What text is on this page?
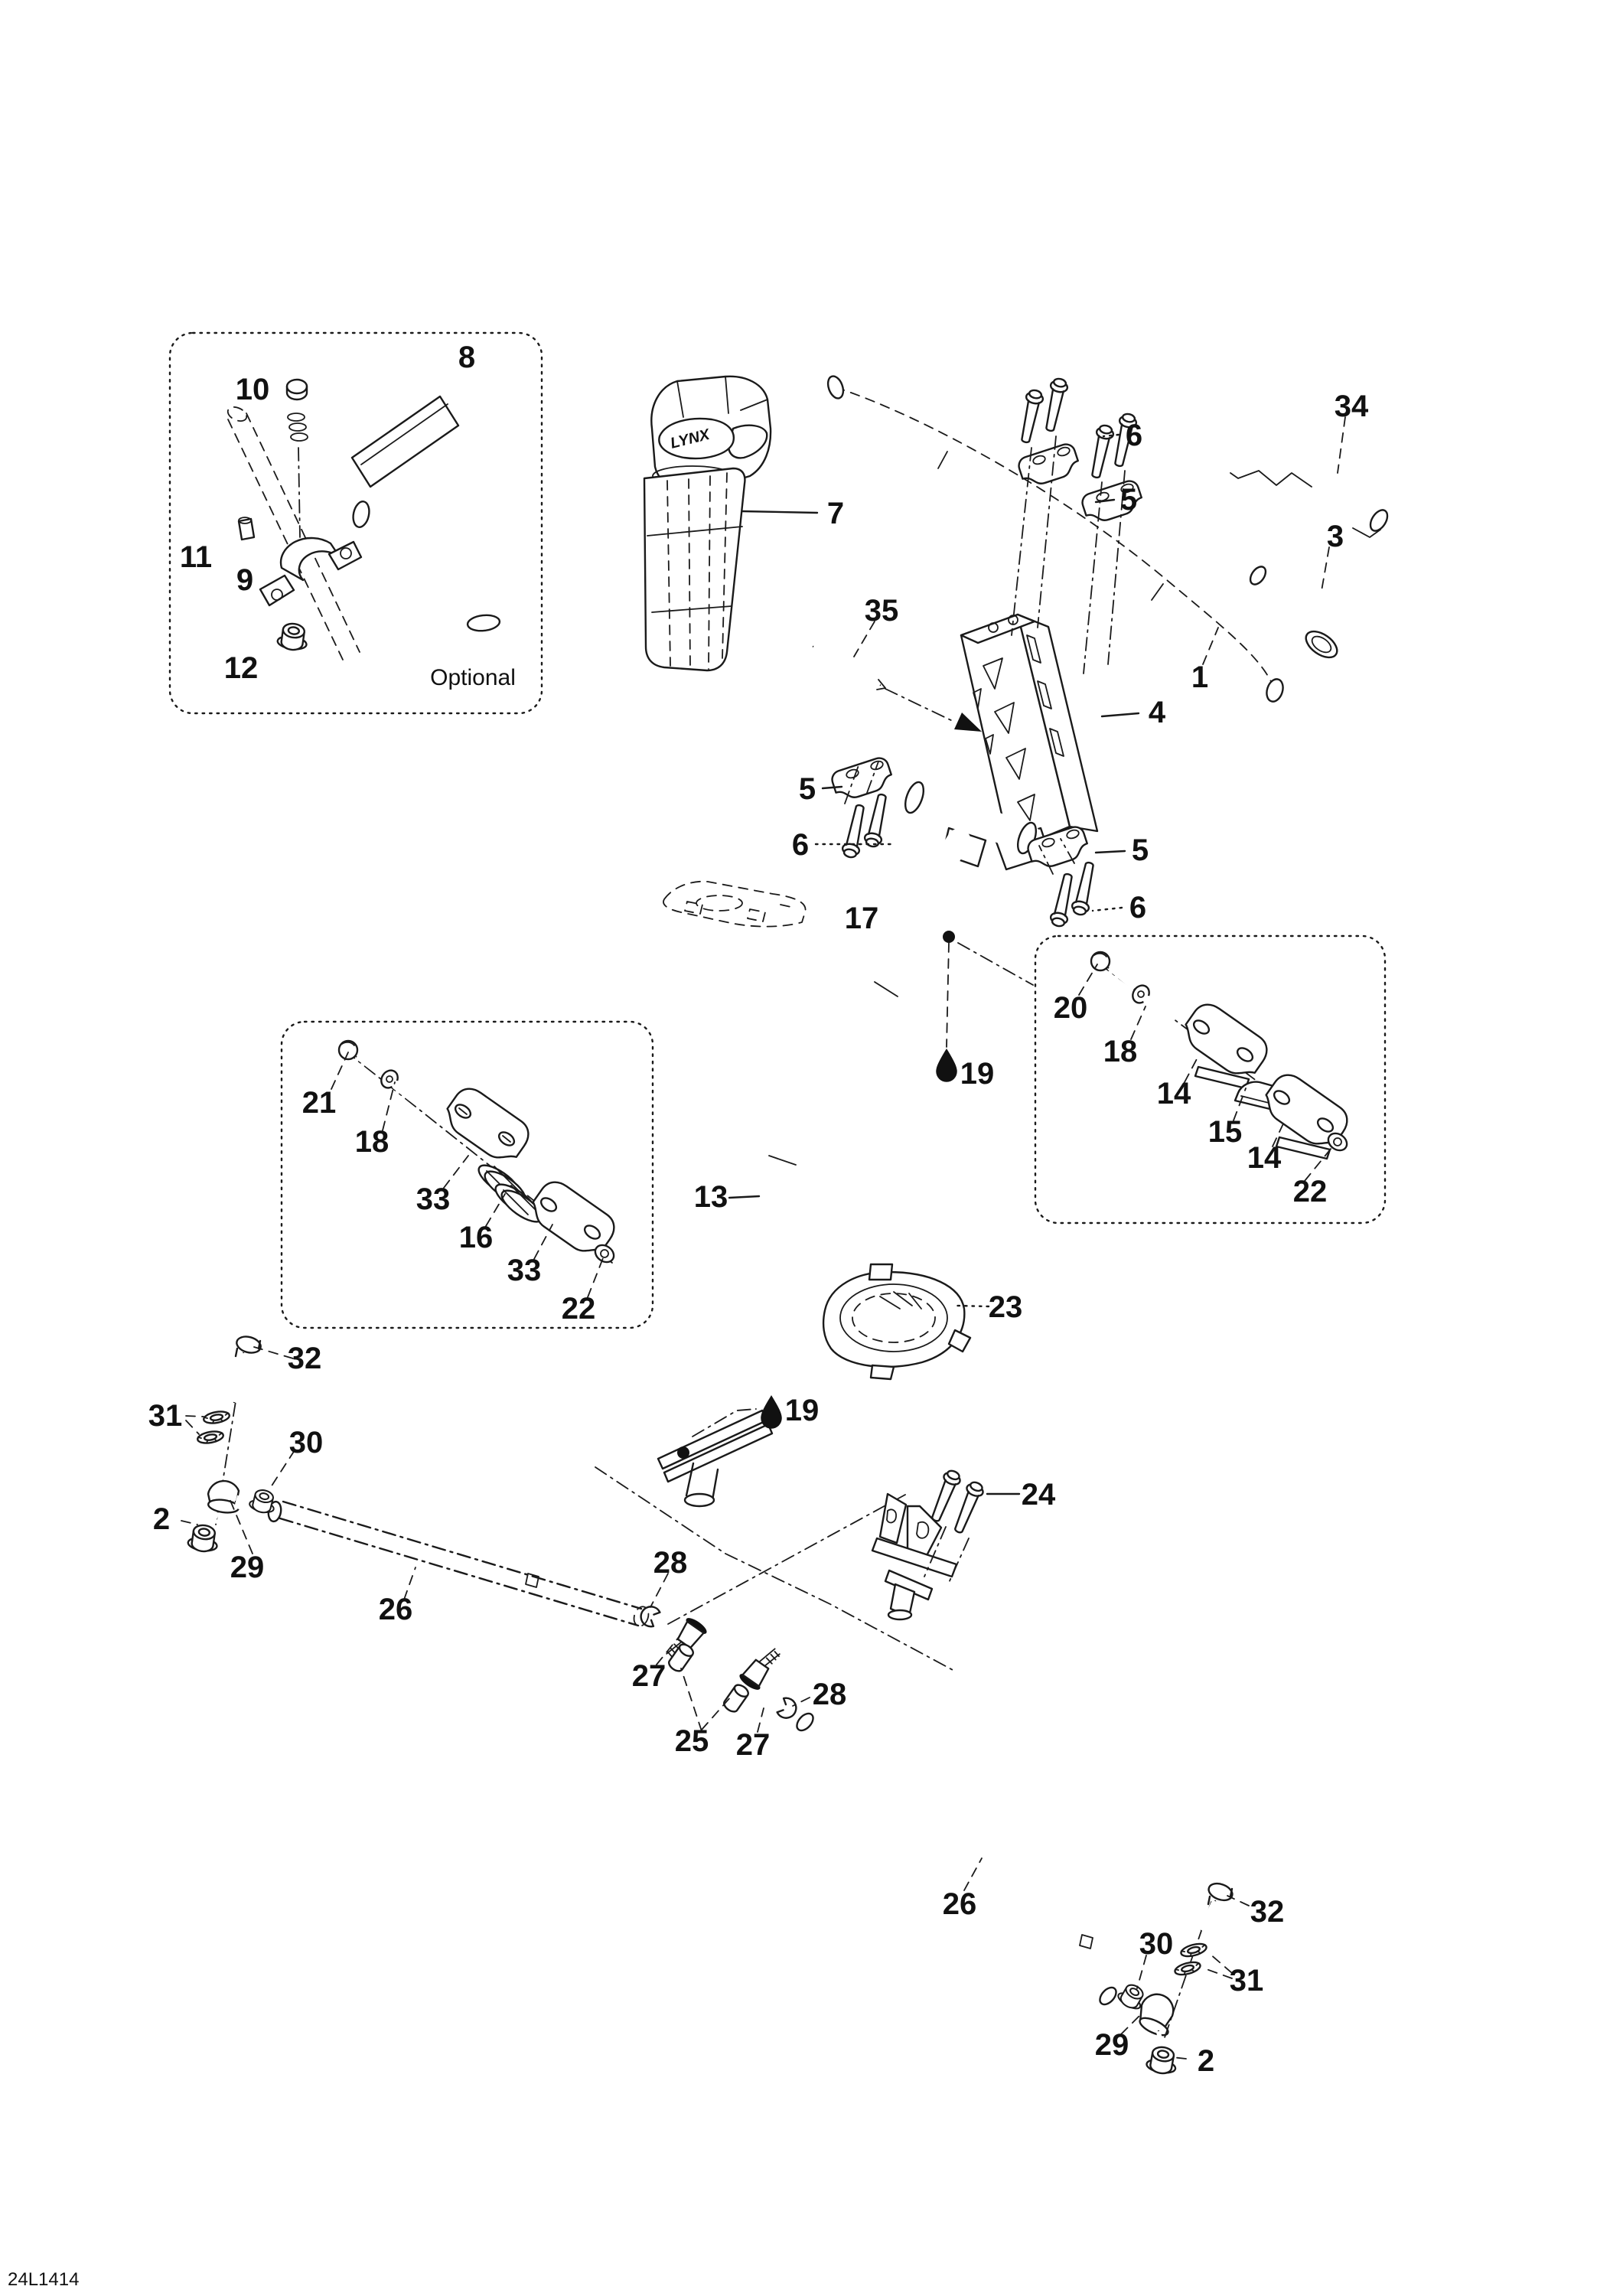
LYNX
Optional
24L1414
10
8
11
9
12
7
35
6
5
34
3
1
4
5
6	5
6
17
20
18
14
15
14
22
19
21
18
33
16
33
22
13
23
19
32
31
30
2
29
26
28
24
27
25 27
28
26	32
30
31
29 2
